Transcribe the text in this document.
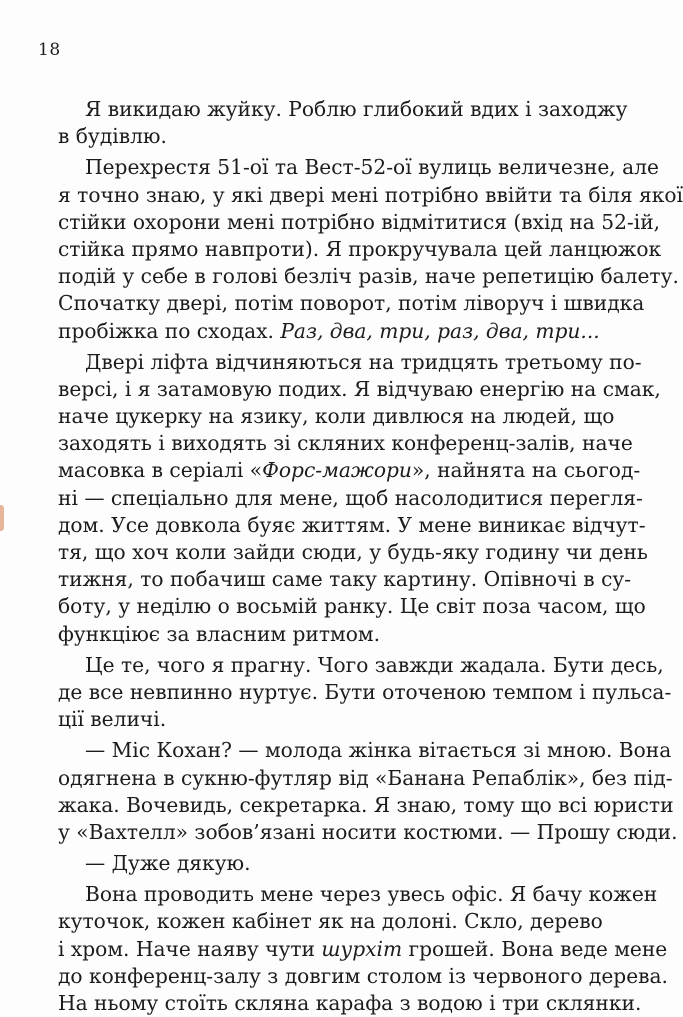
18
Я викидаю жуйку. Роблю глибокий вдих і заходжу
в будівлю.
Перехрестя 51-ої та Вест-52-ої вулиць величезне, але
я точно знаю, у які двері мені потрібно ввійти та біля якої
стійки охорони мені потрібно відмітитися (вхід на 52-ій,
стійка прямо навпроти). Я прокручувала цей ланцюжок
подій у себе в голові безліч разів, наче репетицію балету.
Спочатку двері, потім поворот, потім ліворуч і швидка
пробіжка по сходах. Раз, два, три, раз, два, три...
Двері ліфта відчиняються на тридцять третьому по-
версі, і я затамовую подих. Я відчуваю енергію на смак,
наче цукерку на язику, коли дивлюся на людей, що
заходять і виходять зі скляних конференц-залів, наче
масовка в серіалі «Форс-мажори», найнята на сьогод-
ні — спеціально для мене, щоб насолодитися перегля-
дом. Усе довкола буяє життям. У мене виникає відчут-
тя, що хоч коли зайди сюди, у будь-яку годину чи день
тижня, то побачиш саме таку картину. Опівночі в су-
боту, у неділю о восьмій ранку. Це світ поза часом, що
функціює за власним ритмом.
Це те, чого я прагну. Чого завжди жадала. Бути десь,
де все невпинно нуртує. Бути оточеною темпом і пульса-
ції величі.
— Міс Кохан? — молода жінка вітається зі мною. Вона
одягнена в сукню-футляр від «Банана Репаблік», без під-
жака. Вочевидь, секретарка. Я знаю, тому що всі юристи
у «Вахтелл» зобов’язані носити костюми. — Прошу сюди.
— Дуже дякую.
Вона проводить мене через увесь офіс. Я бачу кожен
куточок, кожен кабінет як на долоні. Скло, дерево
і хром. Наче наяву чути шурхіт грошей. Вона веде мене
до конференц-залу з довгим столом із червоного дерева.
На ньому стоїть скляна карафа з водою і три склянки.
